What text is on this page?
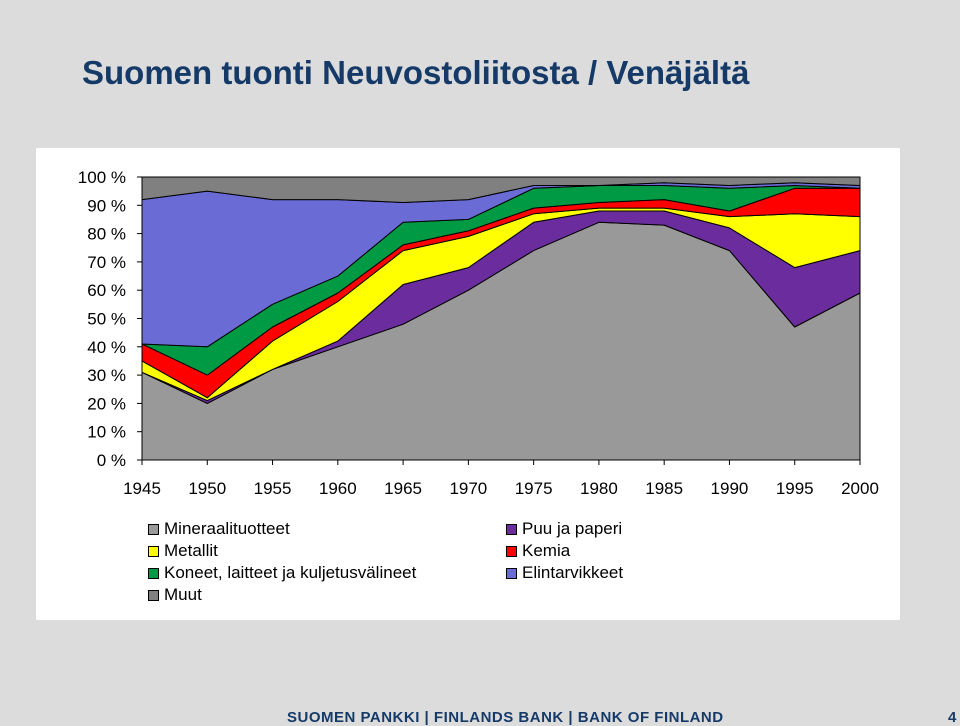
Suomen tuonti Neuvostoliitosta / Venäjältä
0 %
10 %
20 %
30 %
40 %
50 %
60 %
70 %
80 %
90 %
100 %
1945 1950 1955 1960 1965 1970 1975 1980 1985 1990 1995 2000
Mineraalituotteet	Puu ja paperi
Metallit	Kemia
Koneet, laitteet ja kuljetusvälineet	Elintarvikkeet
Muut
SUOMEN PANKKI | FINLANDS BANK | BANK OF FINLAND	4
